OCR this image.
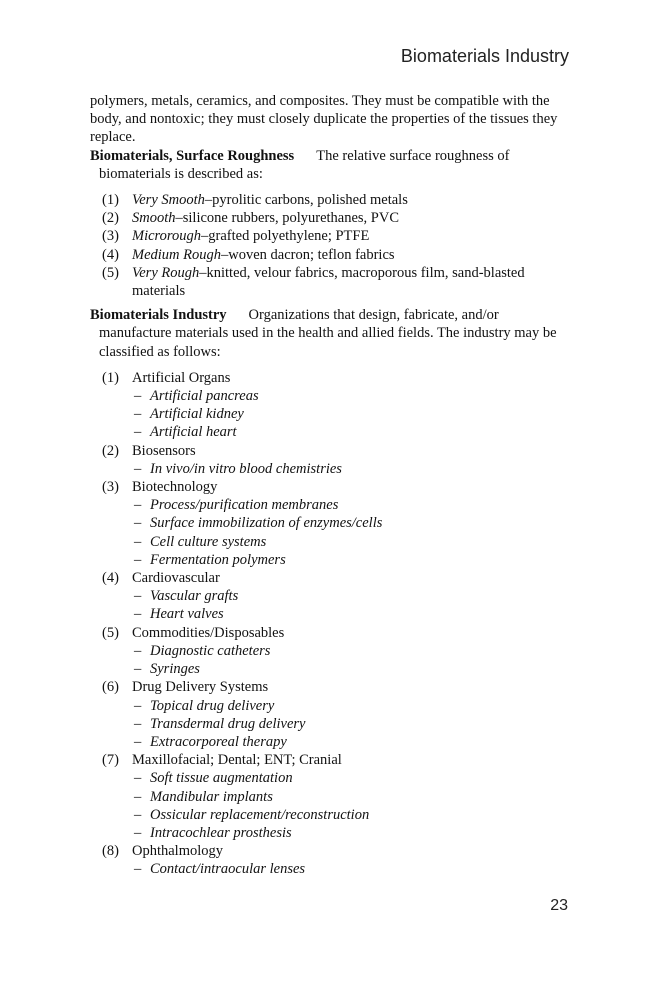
Biomaterials Industry

polymers, metals, ceramics, and composites. They must be compatible with the body, and nontoxic; they must closely duplicate the properties of the tissues they replace.

Biomaterials, Surface Roughness The relative surface roughness of biomaterials is described as:

(1) Very Smooth–pyrolitic carbons, polished metals
(2) Smooth–silicone rubbers, polyurethanes, PVC
(3) Microrough–grafted polyethylene; PTFE
(4) Medium Rough–woven dacron; teflon fabrics
(5) Very Rough–knitted, velour fabrics, macroporous film, sand-blasted materials

Biomaterials Industry Organizations that design, fabricate, and/or manufacture materials used in the health and allied fields. The industry may be classified as follows:

(1) Artificial Organs
– Artificial pancreas
– Artificial kidney
– Artificial heart
(2) Biosensors
– In vivo/in vitro blood chemistries
(3) Biotechnology
– Process/purification membranes
– Surface immobilization of enzymes/cells
– Cell culture systems
– Fermentation polymers
(4) Cardiovascular
– Vascular grafts
– Heart valves
(5) Commodities/Disposables
– Diagnostic catheters
– Syringes
(6) Drug Delivery Systems
– Topical drug delivery
– Transdermal drug delivery
– Extracorporeal therapy
(7) Maxillofacial; Dental; ENT; Cranial
– Soft tissue augmentation
– Mandibular implants
– Ossicular replacement/reconstruction
– Intracochlear prosthesis
(8) Ophthalmology
– Contact/intraocular lenses
23
